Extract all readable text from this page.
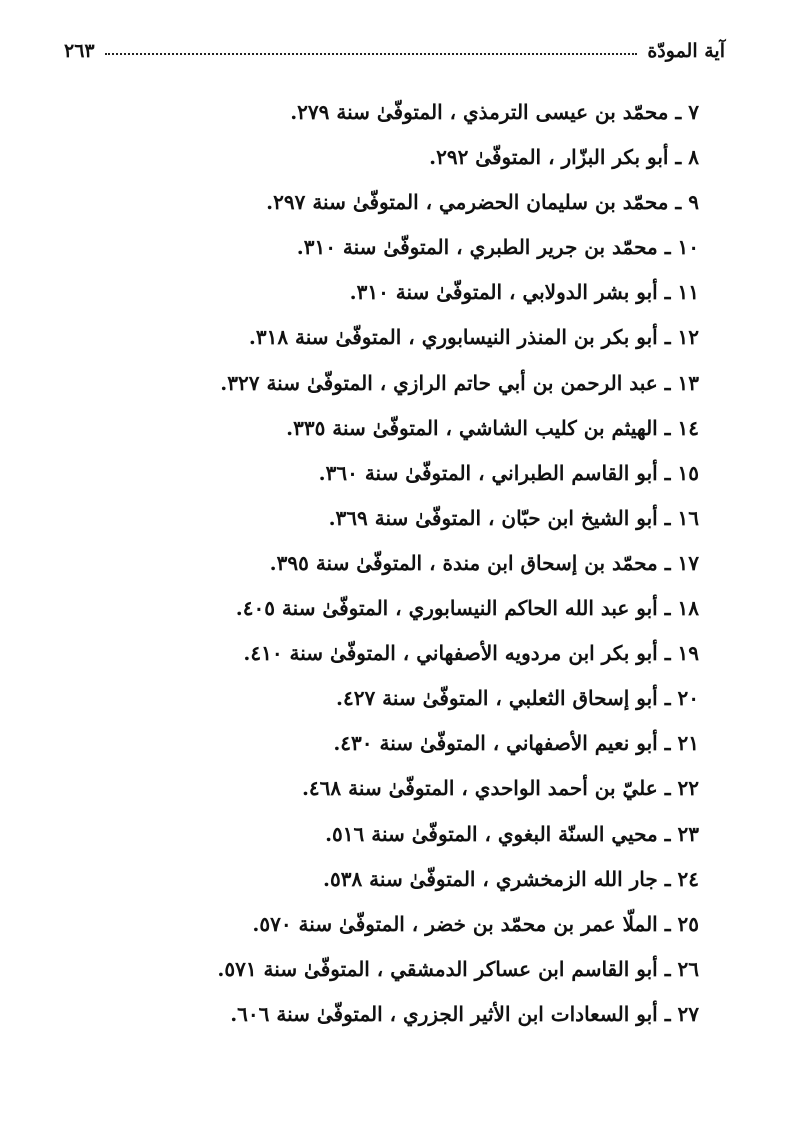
آية المودّة
٢٦٣
٧ ـ محمّد بن عيسى الترمذي ، المتوفّىٰ سنة ٢٧٩.
٨ ـ أبو بكر البزّار ، المتوفّىٰ ٢٩٢.
٩ ـ محمّد بن سليمان الحضرمي ، المتوفّىٰ سنة ٢٩٧.
١٠ ـ محمّد بن جرير الطبري ، المتوفّىٰ سنة ٣١٠.
١١ ـ أبو بشر الدولابي ، المتوفّىٰ سنة ٣١٠.
١٢ ـ أبو بكر بن المنذر النيسابوري ، المتوفّىٰ سنة ٣١٨.
١٣ ـ عبد الرحمن بن أبي حاتم الرازي ، المتوفّىٰ سنة ٣٢٧.
١٤ ـ الهيثم بن كليب الشاشي ، المتوفّىٰ سنة ٣٣٥.
١٥ ـ أبو القاسم الطبراني ، المتوفّىٰ سنة ٣٦٠.
١٦ ـ أبو الشيخ ابن حبّان ، المتوفّىٰ سنة ٣٦٩.
١٧ ـ محمّد بن إسحاق ابن مندة ، المتوفّىٰ سنة ٣٩٥.
١٨ ـ أبو عبد الله الحاكم النيسابوري ، المتوفّىٰ سنة ٤٠٥.
١٩ ـ أبو بكر ابن مردويه الأصفهاني ، المتوفّىٰ سنة ٤١٠.
٢٠ ـ أبو إسحاق الثعلبي ، المتوفّىٰ سنة ٤٢٧.
٢١ ـ أبو نعيم الأصفهاني ، المتوفّىٰ سنة ٤٣٠.
٢٢ ـ عليّ بن أحمد الواحدي ، المتوفّىٰ سنة ٤٦٨.
٢٣ ـ محيي السنّة البغوي ، المتوفّىٰ سنة ٥١٦.
٢٤ ـ جار الله الزمخشري ، المتوفّىٰ سنة ٥٣٨.
٢٥ ـ الملّا عمر بن محمّد بن خضر ، المتوفّىٰ سنة ٥٧٠.
٢٦ ـ أبو القاسم ابن عساكر الدمشقي ، المتوفّىٰ سنة ٥٧١.
٢٧ ـ أبو السعادات ابن الأثير الجزري ، المتوفّىٰ سنة ٦٠٦.
